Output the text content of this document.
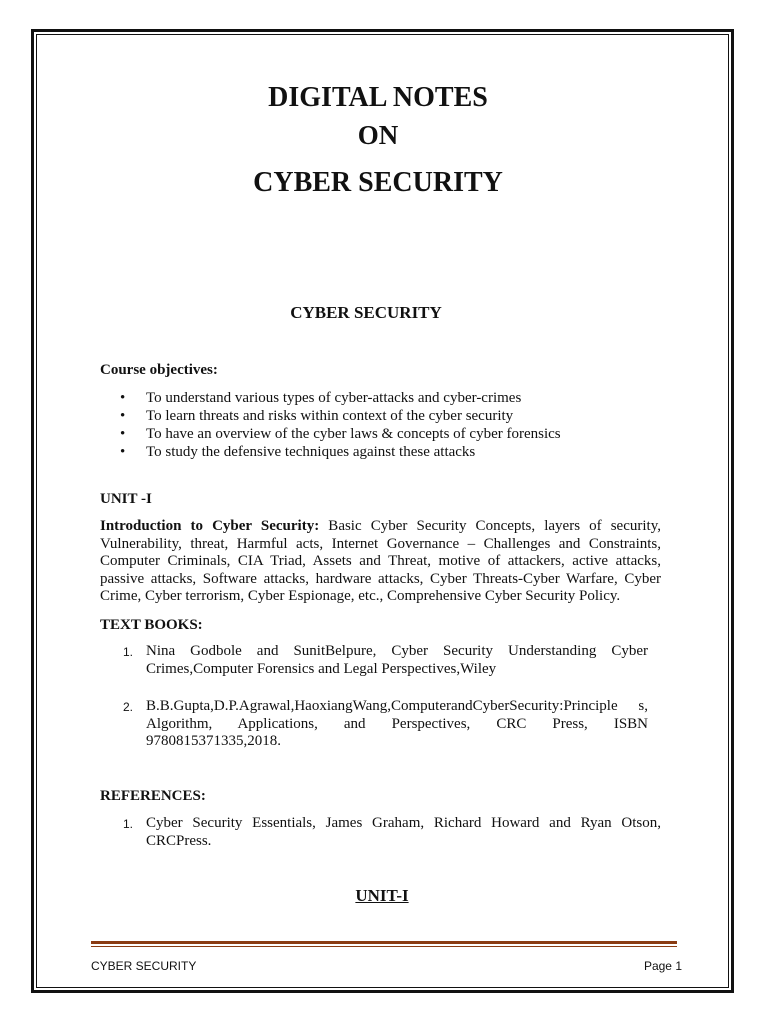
DIGITAL NOTES
ON
CYBER SECURITY
CYBER SECURITY

Course objectives:

• To understand various types of cyber-attacks and cyber-crimes
• To learn threats and risks within context of the cyber security
• To have an overview of the cyber laws & concepts of cyber forensics
• To study the defensive techniques against these attacks

UNIT -I

Introduction to Cyber Security: Basic Cyber Security Concepts, layers of security, Vulnerability, threat, Harmful acts, Internet Governance – Challenges and Constraints, Computer Criminals, CIA Triad, Assets and Threat, motive of attackers, active attacks, passive attacks, Software attacks, hardware attacks, Cyber Threats-Cyber Warfare, Cyber Crime, Cyber terrorism, Cyber Espionage, etc., Comprehensive Cyber Security Policy.

TEXT BOOKS:

1. Nina Godbole and SunitBelpure, Cyber Security Understanding Cyber Crimes,Computer Forensics and Legal Perspectives,Wiley
2. B.B.Gupta,D.P.Agrawal,HaoxiangWang,ComputerandCyberSecurity:Principle s, Algorithm, Applications, and Perspectives, CRC Press, ISBN 9780815371335,2018.

REFERENCES:

1. Cyber Security Essentials, James Graham, Richard Howard and Ryan Otson, CRCPress.
UNIT-I
CYBER SECURITY	Page 1
